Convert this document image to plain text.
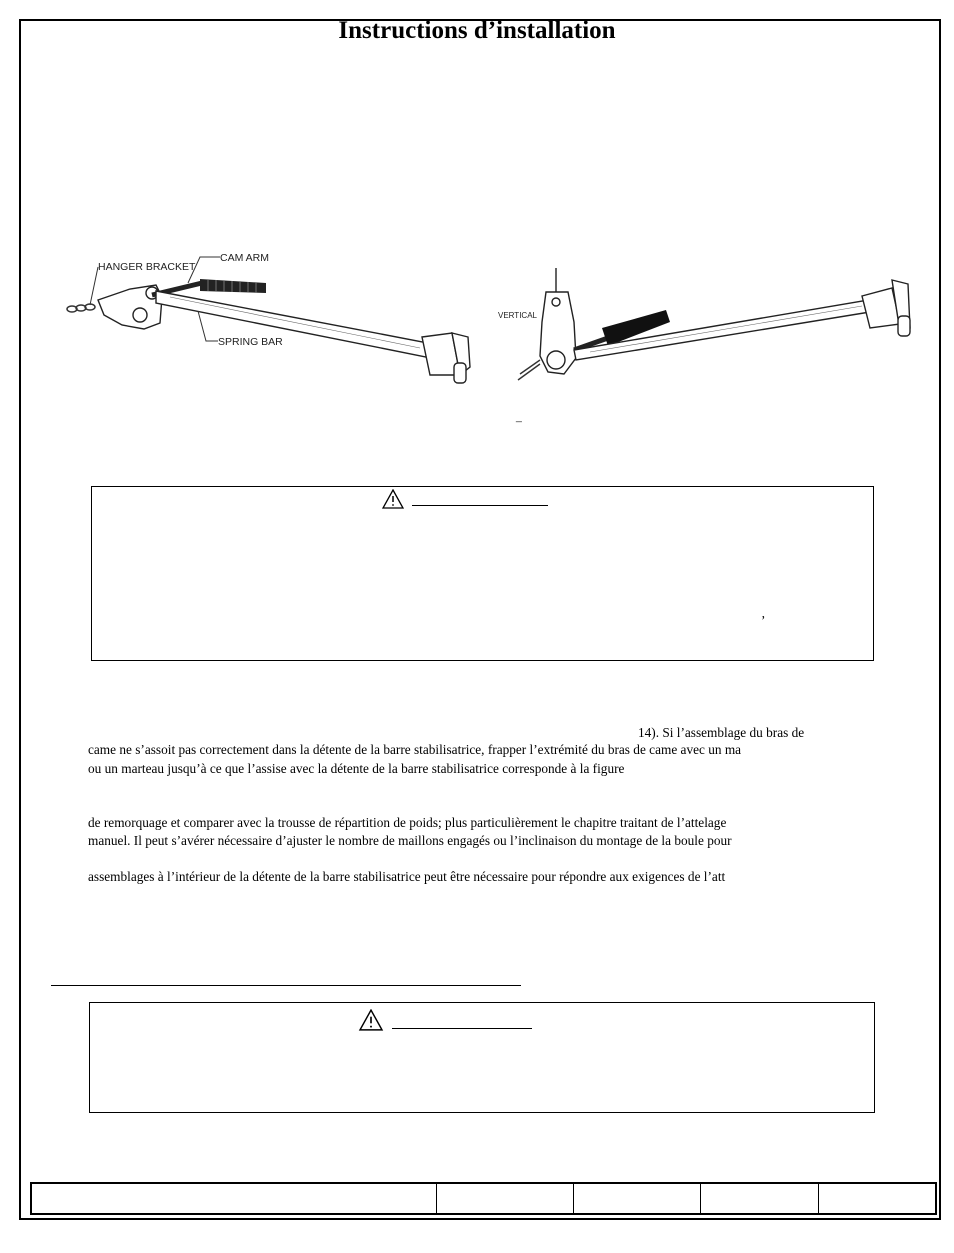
Instructions d’installation
HANGER BRACKET
CAM ARM
SPRING BAR
VERTICAL
_
’
14). Si l’assemblage du bras de
came ne s’assoit pas correctement dans la détente de la barre stabilisatrice, frapper l’extrémité du bras de came avec un ma
ou un marteau jusqu’à ce que l’assise avec la détente de la barre stabilisatrice corresponde à la figure
de remorquage et comparer avec la trousse de répartition de poids; plus particulièrement le chapitre traitant de l’attelage
manuel. Il peut s’avérer nécessaire d’ajuster le nombre de maillons engagés ou l’inclinaison du montage de la boule pour
assemblages à l’intérieur de la détente de la barre stabilisatrice peut être nécessaire pour répondre aux exigences de l’att
